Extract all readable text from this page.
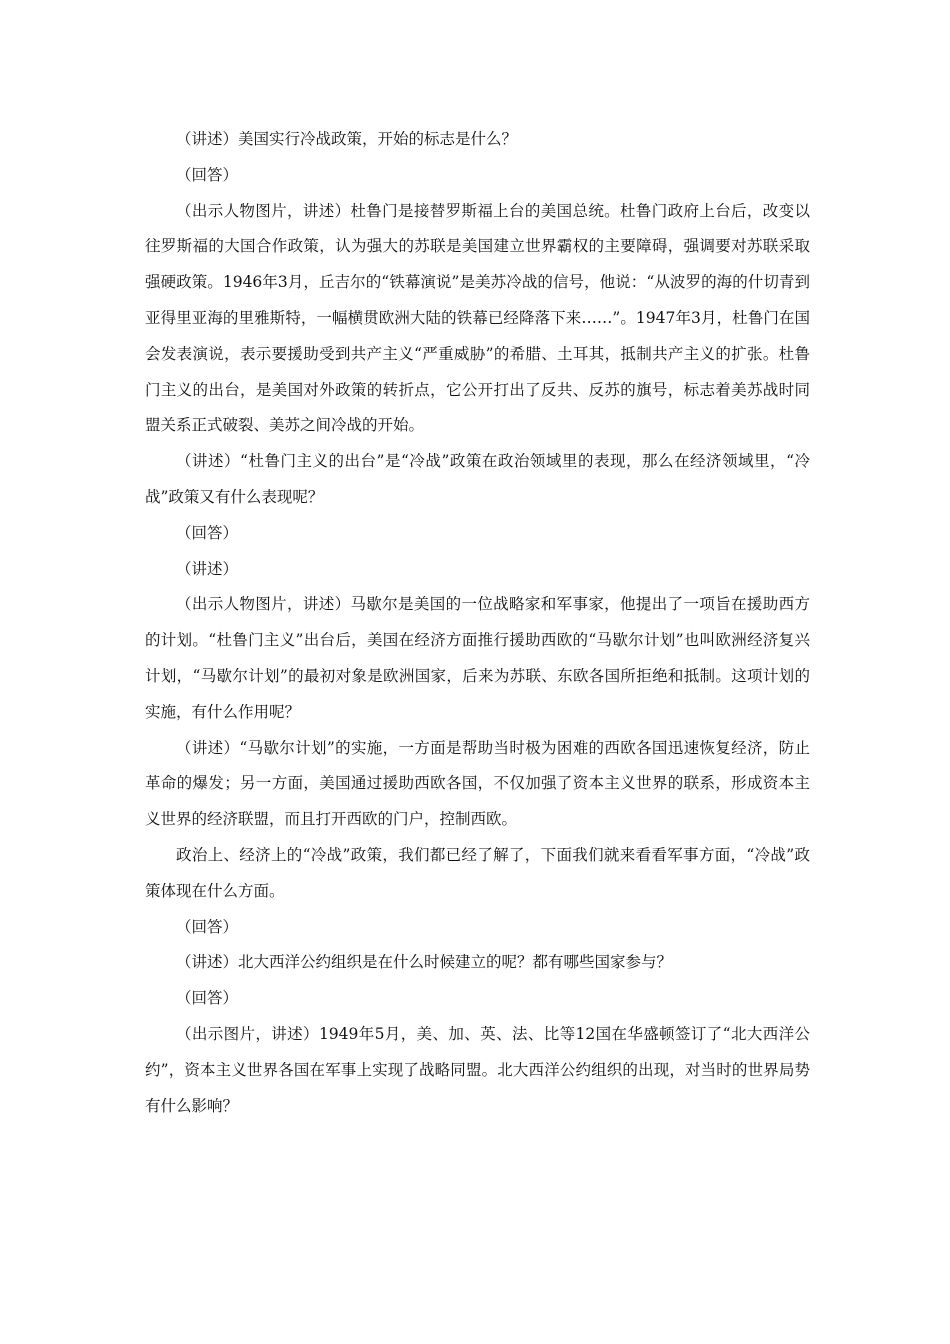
（讲述）美国实行冷战政策，开始的标志是什么？

（回答）

（出示人物图片，讲述）杜鲁门是接替罗斯福上台的美国总统。杜鲁门政府上台后，改变以往罗斯福的大国合作政策，认为强大的苏联是美国建立世界霸权的主要障碍，强调要对苏联采取强硬政策。1946年3月，丘吉尔的“铁幕演说”是美苏冷战的信号，他说：“从波罗的海的什切青到亚得里亚海的里雅斯特，一幅横贯欧洲大陆的铁幕已经降落下来……”。1947年3月，杜鲁门在国会发表演说，表示要援助受到共产主义“严重威胁”的希腊、土耳其，抵制共产主义的扩张。杜鲁门主义的出台，是美国对外政策的转折点，它公开打出了反共、反苏的旗号，标志着美苏战时同盟关系正式破裂、美苏之间冷战的开始。

（讲述）“杜鲁门主义的出台”是“冷战”政策在政治领域里的表现，那么在经济领域里，“冷战”政策又有什么表现呢？

（回答）

（讲述）

（出示人物图片，讲述）马歇尔是美国的一位战略家和军事家，他提出了一项旨在援助西方的计划。“杜鲁门主义”出台后，美国在经济方面推行援助西欧的“马歇尔计划”也叫欧洲经济复兴计划，“马歇尔计划”的最初对象是欧洲国家，后来为苏联、东欧各国所拒绝和抵制。这项计划的实施，有什么作用呢？

（讲述）“马歇尔计划”的实施，一方面是帮助当时极为困难的西欧各国迅速恢复经济，防止革命的爆发；另一方面，美国通过援助西欧各国，不仅加强了资本主义世界的联系，形成资本主义世界的经济联盟，而且打开西欧的门户，控制西欧。

政治上、经济上的“冷战”政策，我们都已经了解了，下面我们就来看看军事方面，“冷战”政策体现在什么方面。

（回答）

（讲述）北大西洋公约组织是在什么时候建立的呢？都有哪些国家参与？

（回答）

（出示图片，讲述）1949年5月，美、加、英、法、比等12国在华盛顿签订了“北大西洋公约”，资本主义世界各国在军事上实现了战略同盟。北大西洋公约组织的出现，对当时的世界局势有什么影响？
